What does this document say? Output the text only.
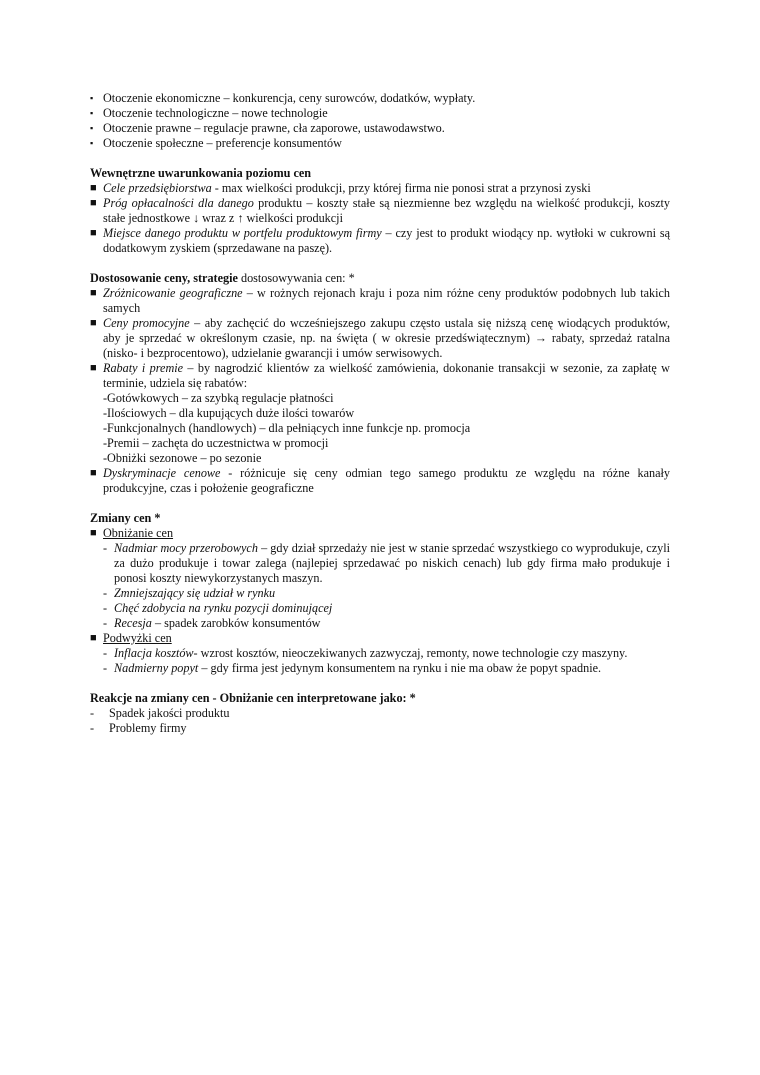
▪ Otoczenie ekonomiczne – konkurencja, ceny surowców, dodatków, wypłaty.
▪ Otoczenie technologiczne – nowe technologie
▪ Otoczenie prawne – regulacje prawne, cła zaporowe, ustawodawstwo.
▪ Otoczenie społeczne – preferencje konsumentów
Wewnętrzne uwarunkowania poziomu cen
■ Cele przedsiębiorstwa - max wielkości produkcji, przy której firma nie ponosi strat a przynosi zyski
■ Próg opłacalności dla danego produktu – koszty stałe są niezmienne bez względu na wielkość produkcji, koszty stałe jednostkowe ↓ wraz z ↑ wielkości produkcji
■ Miejsce danego produktu w portfelu produktowym firmy – czy jest to produkt wiodący np. wytłoki w cukrowni są dodatkowym zyskiem (sprzedawane na paszę).
Dostosowanie ceny, strategie dostosowywania cen: *
■ Zróżnicowanie geograficzne – w rożnych rejonach kraju i poza nim różne ceny produktów podobnych lub takich samych
■ Ceny promocyjne – aby zachęcić do wcześniejszego zakupu często ustala się niższą cenę wiodących produktów, aby je sprzedać w określonym czasie, np. na święta ( w okresie przedświątecznym) → rabaty, sprzedaż ratalna (nisko- i bezprocentowo), udzielanie gwarancji i umów serwisowych.
■ Rabaty i premie – by nagrodzić klientów za wielkość zamówienia, dokonanie transakcji w sezonie, za zapłatę w terminie, udziela się rabatów:
-Gotówkowych – za szybką regulacje płatności
-Ilościowych – dla kupujących duże ilości towarów
-Funkcjonalnych (handlowych) – dla pełniących inne funkcje np. promocja
-Premii – zachęta do uczestnictwa w promocji
-Obniżki sezonowe – po sezonie
■ Dyskryminacje cenowe - różnicuje się ceny odmian tego samego produktu ze względu na różne kanały produkcyjne, czas i położenie geograficzne
Zmiany cen *
■ Obniżanie cen
- Nadmiar mocy przerobowych – gdy dział sprzedaży nie jest w stanie sprzedać wszystkiego co wyprodukuje, czyli za dużo produkuje i towar zalega (najlepiej sprzedawać po niskich cenach) lub gdy firma mało produkuje i ponosi koszty niewykorzystanych maszyn.
- Zmniejszający się udział w rynku
- Chęć zdobycia na rynku pozycji dominującej
- Recesja – spadek zarobków konsumentów
■ Podwyżki cen
- Inflacja kosztów- wzrost kosztów, nieoczekiwanych zazwyczaj, remonty, nowe technologie czy maszyny.
- Nadmierny popyt – gdy firma jest jedynym konsumentem na rynku i nie ma obaw że popyt spadnie.
Reakcje na zmiany cen - Obniżanie cen interpretowane jako: *
- Spadek jakości produktu
- Problemy firmy
